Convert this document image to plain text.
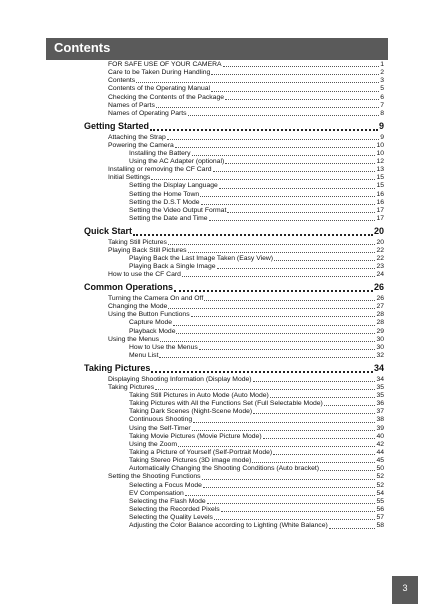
Contents
FOR SAFE USE OF YOUR CAMERA	1
Care to be Taken During Handling	2
Contents	3
Contents of the Operating Manual	5
Checking the Contents of the Package	6
Names of Parts	7
Names of Operating Parts	8
Getting Started	9
Attaching the Strap	9
Powering the Camera	10
Installing the Battery	10
Using the AC Adapter (optional)	12
Installing or removing the CF Card	13
Initial Settings	15
Setting the Display Language	15
Setting the Home Town	16
Setting the D.S.T Mode	16
Setting the Video Output Format	17
Setting the Date and Time	17
Quick Start	20
Taking Still Pictures	20
Playing Back Still Pictures	22
Playing Back the Last Image Taken (Easy View)	22
Playing Back a Single Image	23
How to use the CF Card	24
Common Operations	26
Turning the Camera On and Off	26
Changing the Mode	27
Using the Button Functions	28
Capture Mode	28
Playback Mode	29
Using the Menus	30
How to Use the Menus	30
Menu List	32
Taking Pictures	34
Displaying Shooting Information (Display Mode)	34
Taking Pictures	35
Taking Still Pictures in Auto Mode (Auto Mode)	35
Taking Pictures with All the Functions Set (Full Selectable Mode)	36
Taking Dark Scenes (Night-Scene Mode)	37
Continuous Shooting	38
Using the Self-Timer	39
Taking Movie Pictures (Movie Picture Mode)	40
Using the Zoom	42
Taking a Picture of Yourself (Self-Portrait Mode)	44
Taking Stereo Pictures (3D image mode)	45
Automatically Changing the Shooting Conditions (Auto bracket)	50
Setting the Shooting Functions	52
Selecting a Focus Mode	52
EV Compensation	54
Selecting the Flash Mode	55
Selecting the Recorded Pixels	56
Selecting the Quality Levels	57
Adjusting the Color Balance according to Lighting (White Balance)	58
3
